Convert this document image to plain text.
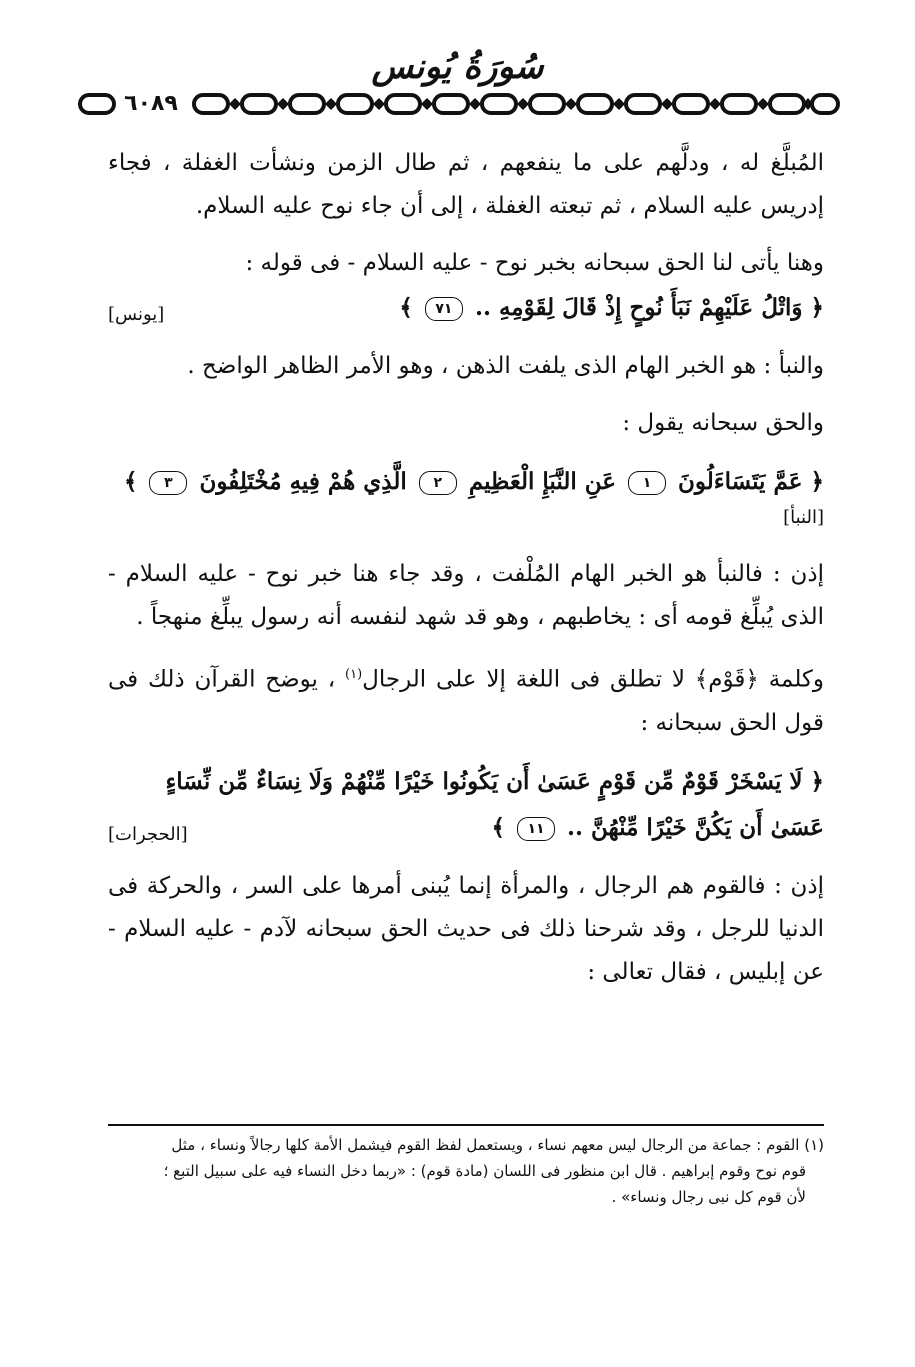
سُورَةُ يُونس
٦٠٨٩

المُبلَّغ له ، ودلَّهم على ما ينفعهم ، ثم طال الزمن ونشأت الغفلة ، فجاء إدريس عليه السلام ، ثم تبعته الغفلة ، إلى أن جاء نوح عليه السلام.

وهنا يأتى لنا الحق سبحانه بخبر نوح - عليه السلام - فى قوله :

﴿ وَاتْلُ عَلَيْهِمْ نَبَأَ نُوحٍ إِذْ قَالَ لِقَوْمِهِ .. ٧١ ﴾
[يونس]

والنبأ : هو الخبر الهام الذى يلفت الذهن ، وهو الأمر الظاهر الواضح .

والحق سبحانه يقول :

﴿ عَمَّ يَتَسَاءَلُونَ ١ عَنِ النَّبَإِ الْعَظِيمِ ٢ الَّذِي هُمْ فِيهِ مُخْتَلِفُونَ ٣ ﴾
[النبأ]

إذن : فالنبأ هو الخبر الهام المُلْفت ، وقد جاء هنا خبر نوح - عليه السلام - الذى يُبلِّغ قومه أى : يخاطبهم ، وهو قد شهد لنفسه أنه رسول يبلِّغ منهجاً .

وكلمة ﴿قَوْم﴾ لا تطلق فى اللغة إلا على الرجال$^{(١)}$ ، يوضح القرآن ذلك فى قول الحق سبحانه :

﴿ لَا يَسْخَرْ قَوْمٌ مِّن قَوْمٍ عَسَىٰ أَن يَكُونُوا خَيْرًا مِّنْهُمْ وَلَا نِسَاءٌ مِّن نِّسَاءٍ
عَسَىٰ أَن يَكُنَّ خَيْرًا مِّنْهُنَّ .. ١١ ﴾
[الحجرات]

إذن : فالقوم هم الرجال ، والمرأة إنما يُبنى أمرها على السر ، والحركة فى الدنيا للرجل ، وقد شرحنا ذلك فى حديث الحق سبحانه لآدم - عليه السلام - عن إبليس ، فقال تعالى :

(١) القوم : جماعة من الرجال ليس معهم نساء ، ويستعمل لفظ القوم فيشمل الأمة كلها رجالاً ونساء ، مثل

قوم نوح وقوم إبراهيم . قال ابن منظور فى اللسان (مادة قوم) : «ربما دخل النساء فيه على سبيل التبع ؛

لأن قوم كل نبى رجال ونساء» .
